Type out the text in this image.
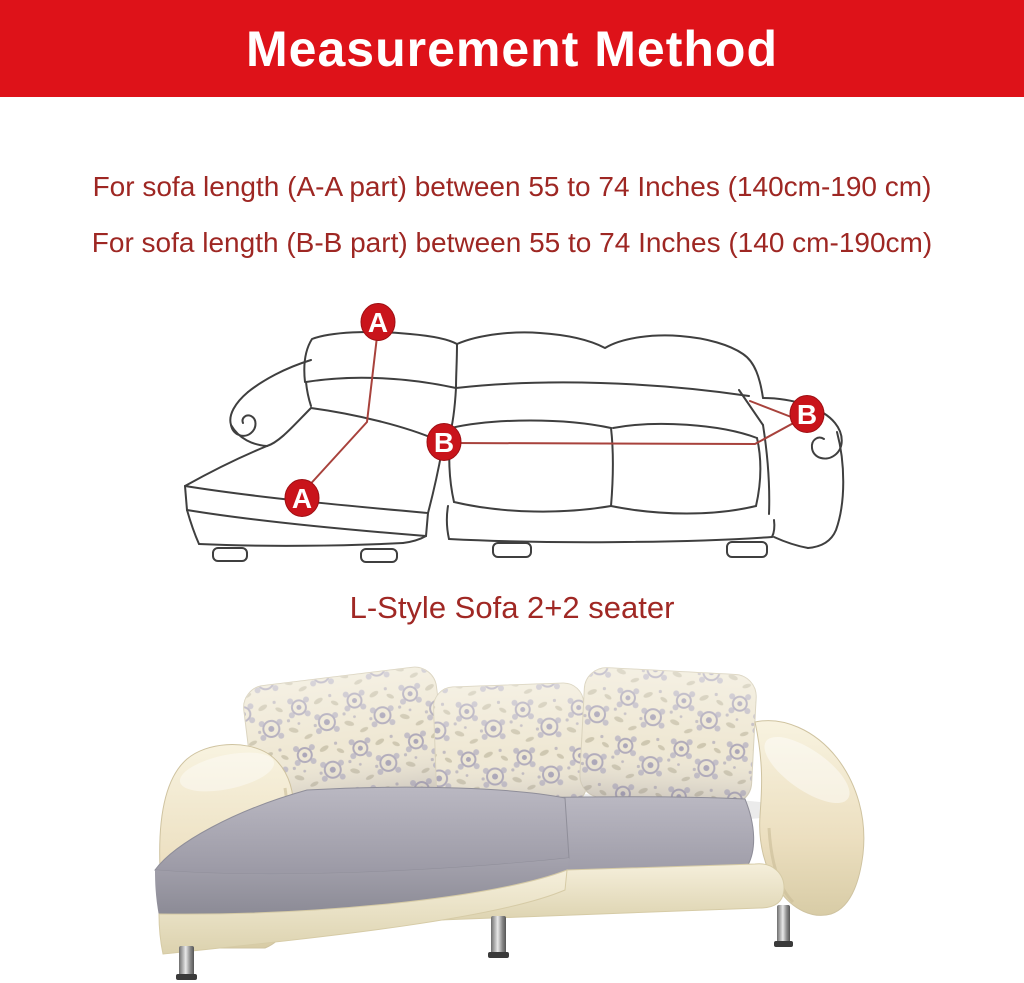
Measurement Method
For sofa length (A-A part) between 55 to 74 Inches (140cm-190 cm)
For sofa length (B-B part) between 55 to 74 Inches (140 cm-190cm)
A
A
B
B
L-Style Sofa 2+2 seater
